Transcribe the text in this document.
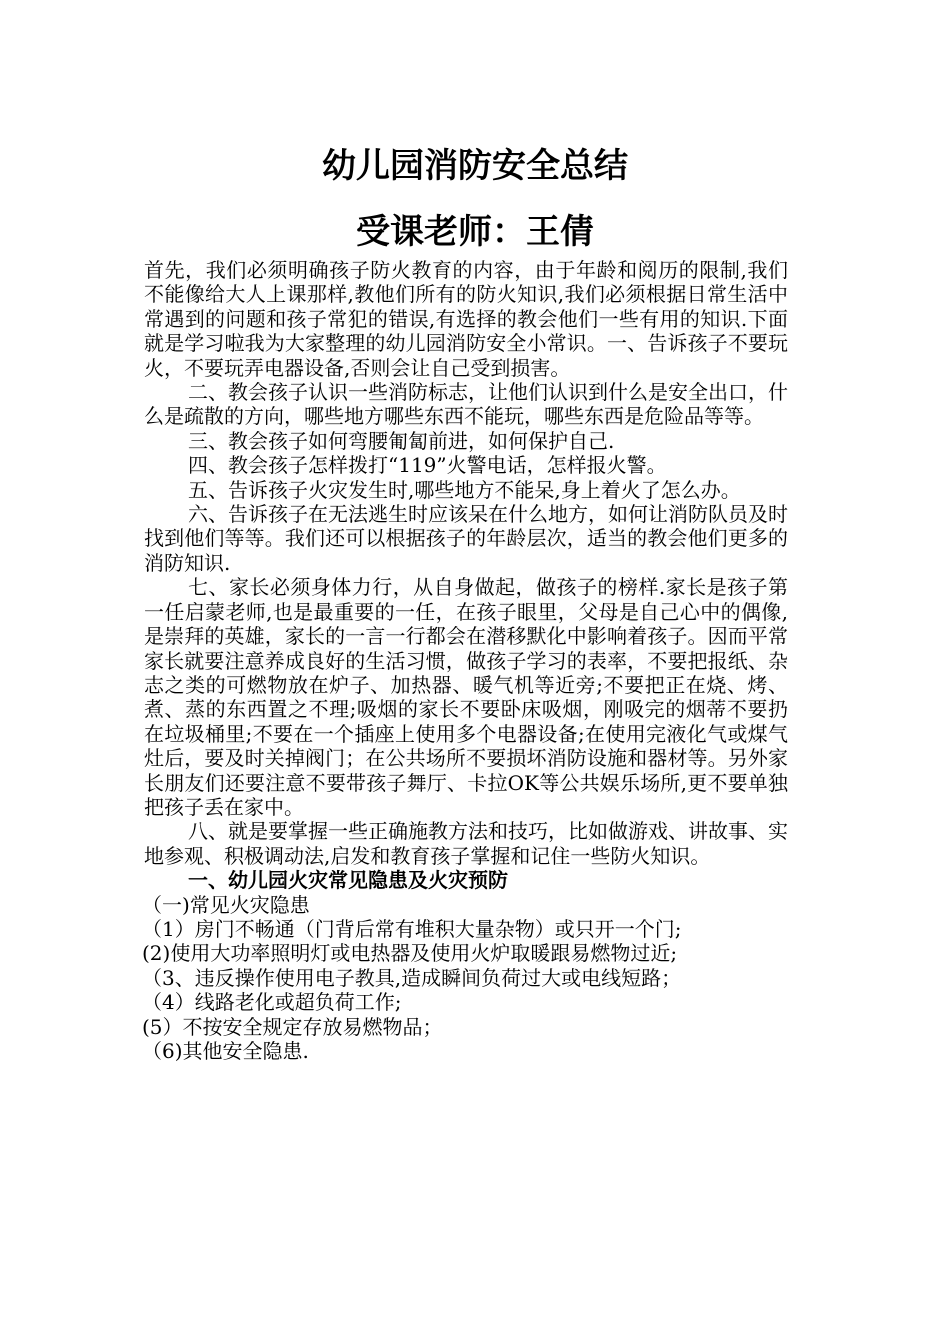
幼儿园消防安全总结
受课老师：王倩

首先，我们必须明确孩子防火教育的内容，由于年龄和阅历的限制,我们不能像给大人上课那样,教他们所有的防火知识,我们必须根据日常生活中常遇到的问题和孩子常犯的错误,有选择的教会他们一些有用的知识.下面就是学习啦我为大家整理的幼儿园消防安全小常识。一、告诉孩子不要玩火，不要玩弄电器设备,否则会让自己受到损害。

二、教会孩子认识一些消防标志，让他们认识到什么是安全出口，什么是疏散的方向，哪些地方哪些东西不能玩，哪些东西是危险品等等。

三、教会孩子如何弯腰匍匐前进，如何保护自己.

四、教会孩子怎样拨打“119”火警电话，怎样报火警。

五、告诉孩子火灾发生时,哪些地方不能呆,身上着火了怎么办。

六、告诉孩子在无法逃生时应该呆在什么地方，如何让消防队员及时找到他们等等。我们还可以根据孩子的年龄层次，适当的教会他们更多的消防知识.

七、家长必须身体力行，从自身做起，做孩子的榜样.家长是孩子第一任启蒙老师,也是最重要的一任，在孩子眼里，父母是自己心中的偶像,是崇拜的英雄，家长的一言一行都会在潜移默化中影响着孩子。因而平常家长就要注意养成良好的生活习惯，做孩子学习的表率，不要把报纸、杂志之类的可燃物放在炉子、加热器、暖气机等近旁;不要把正在烧、烤、煮、蒸的东西置之不理;吸烟的家长不要卧床吸烟，刚吸完的烟蒂不要扔在垃圾桶里;不要在一个插座上使用多个电器设备;在使用完液化气或煤气灶后，要及时关掉阀门；在公共场所不要损坏消防设施和器材等。另外家长朋友们还要注意不要带孩子舞厅、卡拉OK等公共娱乐场所,更不要单独把孩子丢在家中。

八、就是要掌握一些正确施教方法和技巧，比如做游戏、讲故事、实地参观、积极调动法,启发和教育孩子掌握和记住一些防火知识。

一、幼儿园火灾常见隐患及火灾预防

（一)常见火灾隐患

（1）房门不畅通（门背后常有堆积大量杂物）或只开一个门;

(2)使用大功率照明灯或电热器及使用火炉取暖跟易燃物过近;

（3、违反操作使用电子教具,造成瞬间负荷过大或电线短路；

（4）线路老化或超负荷工作;

(5）不按安全规定存放易燃物品；

（6)其他安全隐患.
